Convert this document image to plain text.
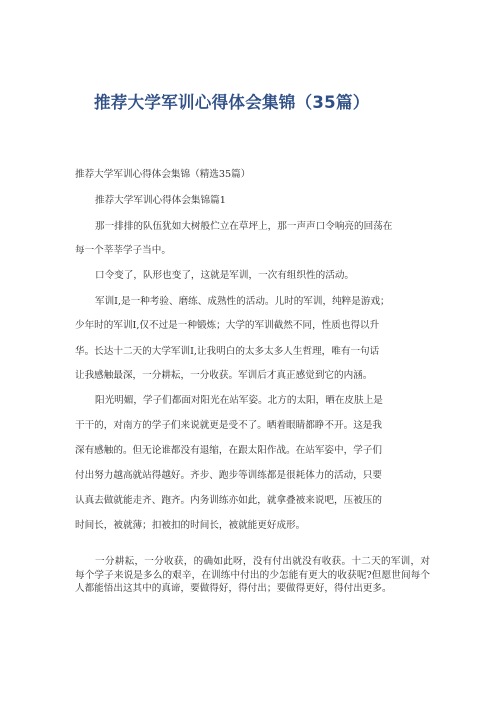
推荐大学军训心得体会集锦（35篇）
推荐大学军训心得体会集锦（精选35篇）
推荐大学军训心得体会集锦篇1
那一排排的队伍犹如大树般伫立在草坪上，那一声声口令响亮的回荡在
每一个莘莘学子当中。
口令变了，队形也变了，这就是军训，一次有组织性的活动。
军训Ⅰ,是一种考验、磨练、成熟性的活动。儿时的军训，纯粹是游戏；
少年时的军训Ⅰ,仅不过是一种锻炼；大学的军训截然不同，性质也得以升
华。长达十二天的大学军训Ⅰ,让我明白的太多太多人生哲理，唯有一句话
让我感触最深，一分耕耘，一分收获。军训后才真正感觉到它的内涵。
阳光明媚，学子们都面对阳光在站军姿。北方的太阳，晒在皮肤上是
干干的，对南方的学子们来说就更是受不了。晒着眼睛都睁不开。这是我
深有感触的。但无论谁都没有退缩，在跟太阳作战。在站军姿中，学子们
付出努力越高就站得越好。齐步、跑步等训练都是很耗体力的活动，只要
认真去做就能走齐、跑齐。内务训练亦如此，就拿叠被来说吧，压被压的
时间长，被就薄；扣被扣的时间长，被就能更好成形。
一分耕耘，一分收获，的确如此呀，没有付出就没有收获。十二天的军训，对每个学子来说是多么的艰辛，在训练中付出的少怎能有更大的收获呢?但愿世间每个人都能悟出这其中的真谛，要做得好，得付出；要做得更好，得付出更多。
